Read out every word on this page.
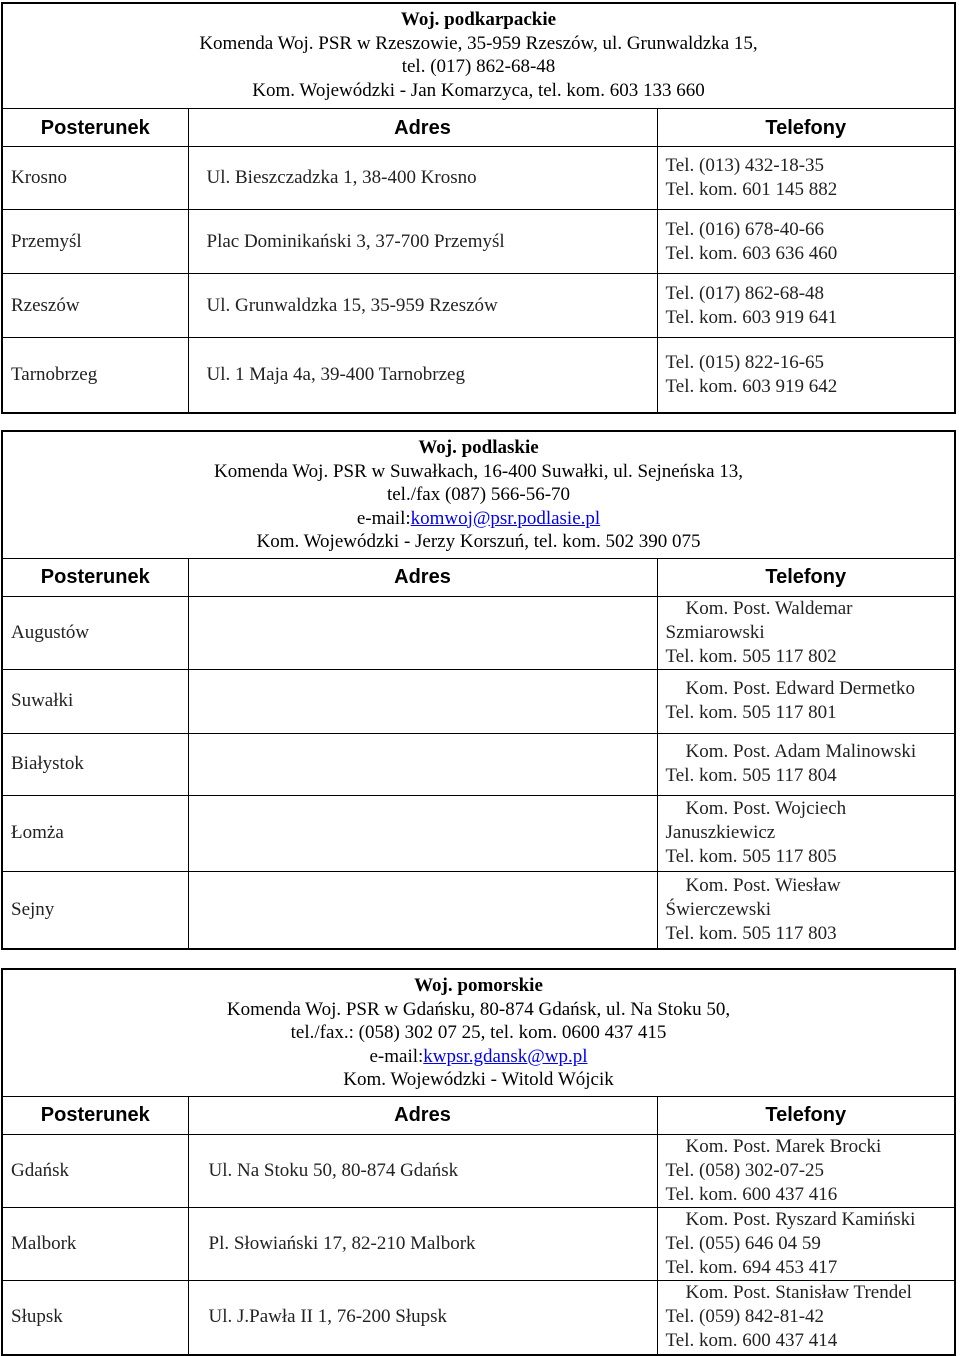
Woj. podkarpackie
Komenda Woj. PSR w Rzeszowie, 35-959 Rzeszów, ul. Grunwaldzka 15,
tel. (017) 862-68-48
Kom. Wojewódzki - Jan Komarzyca, tel. kom. 603 133 660
Posterunek	Adres	Telefony
Krosno	Ul. Bieszczadzka 1, 38-400 Krosno	Tel. (013) 432-18-35
Tel. kom. 601 145 882

Przemyśl	Plac Dominikański 3, 37-700 Przemyśl	Tel. (016) 678-40-66
Tel. kom. 603 636 460

Rzeszów	Ul. Grunwaldzka 15, 35-959 Rzeszów	Tel. (017) 862-68-48
Tel. kom. 603 919 641

Tarnobrzeg	Ul. 1 Maja 4a, 39-400 Tarnobrzeg	Tel. (015) 822-16-65
Tel. kom. 603 919 642
Woj. podlaskie
Komenda Woj. PSR w Suwałkach, 16-400 Suwałki, ul. Sejneńska 13,
tel./fax (087) 566-56-70
e-mail:komwoj@psr.podlasie.pl
Kom. Wojewódzki - Jerzy Korszuń, tel. kom. 502 390 075
Posterunek	Adres	Telefony
Augustów		Kom. Post. Waldemar
Szmiarowski
Tel. kom. 505 117 802

Suwałki		Kom. Post. Edward Dermetko
Tel. kom. 505 117 801

Białystok		Kom. Post. Adam Malinowski
Tel. kom. 505 117 804

Łomża		Kom. Post. Wojciech
Januszkiewicz
Tel. kom. 505 117 805

Sejny		Kom. Post. Wiesław
Świerczewski
Tel. kom. 505 117 803
Woj. pomorskie
Komenda Woj. PSR w Gdańsku, 80-874 Gdańsk, ul. Na Stoku 50,
tel./fax.: (058) 302 07 25, tel. kom. 0600 437 415
e-mail:kwpsr.gdansk@wp.pl
Kom. Wojewódzki - Witold Wójcik
Posterunek	Adres	Telefony
Gdańsk	Ul. Na Stoku 50, 80-874 Gdańsk	Kom. Post. Marek Brocki
Tel. (058) 302-07-25
Tel. kom. 600 437 416

Malbork	Pl. Słowiański 17, 82-210 Malbork	Kom. Post. Ryszard Kamiński
Tel. (055) 646 04 59
Tel. kom. 694 453 417

Słupsk	Ul. J.Pawła II 1, 76-200 Słupsk	Kom. Post. Stanisław Trendel
Tel. (059) 842-81-42
Tel. kom. 600 437 414
